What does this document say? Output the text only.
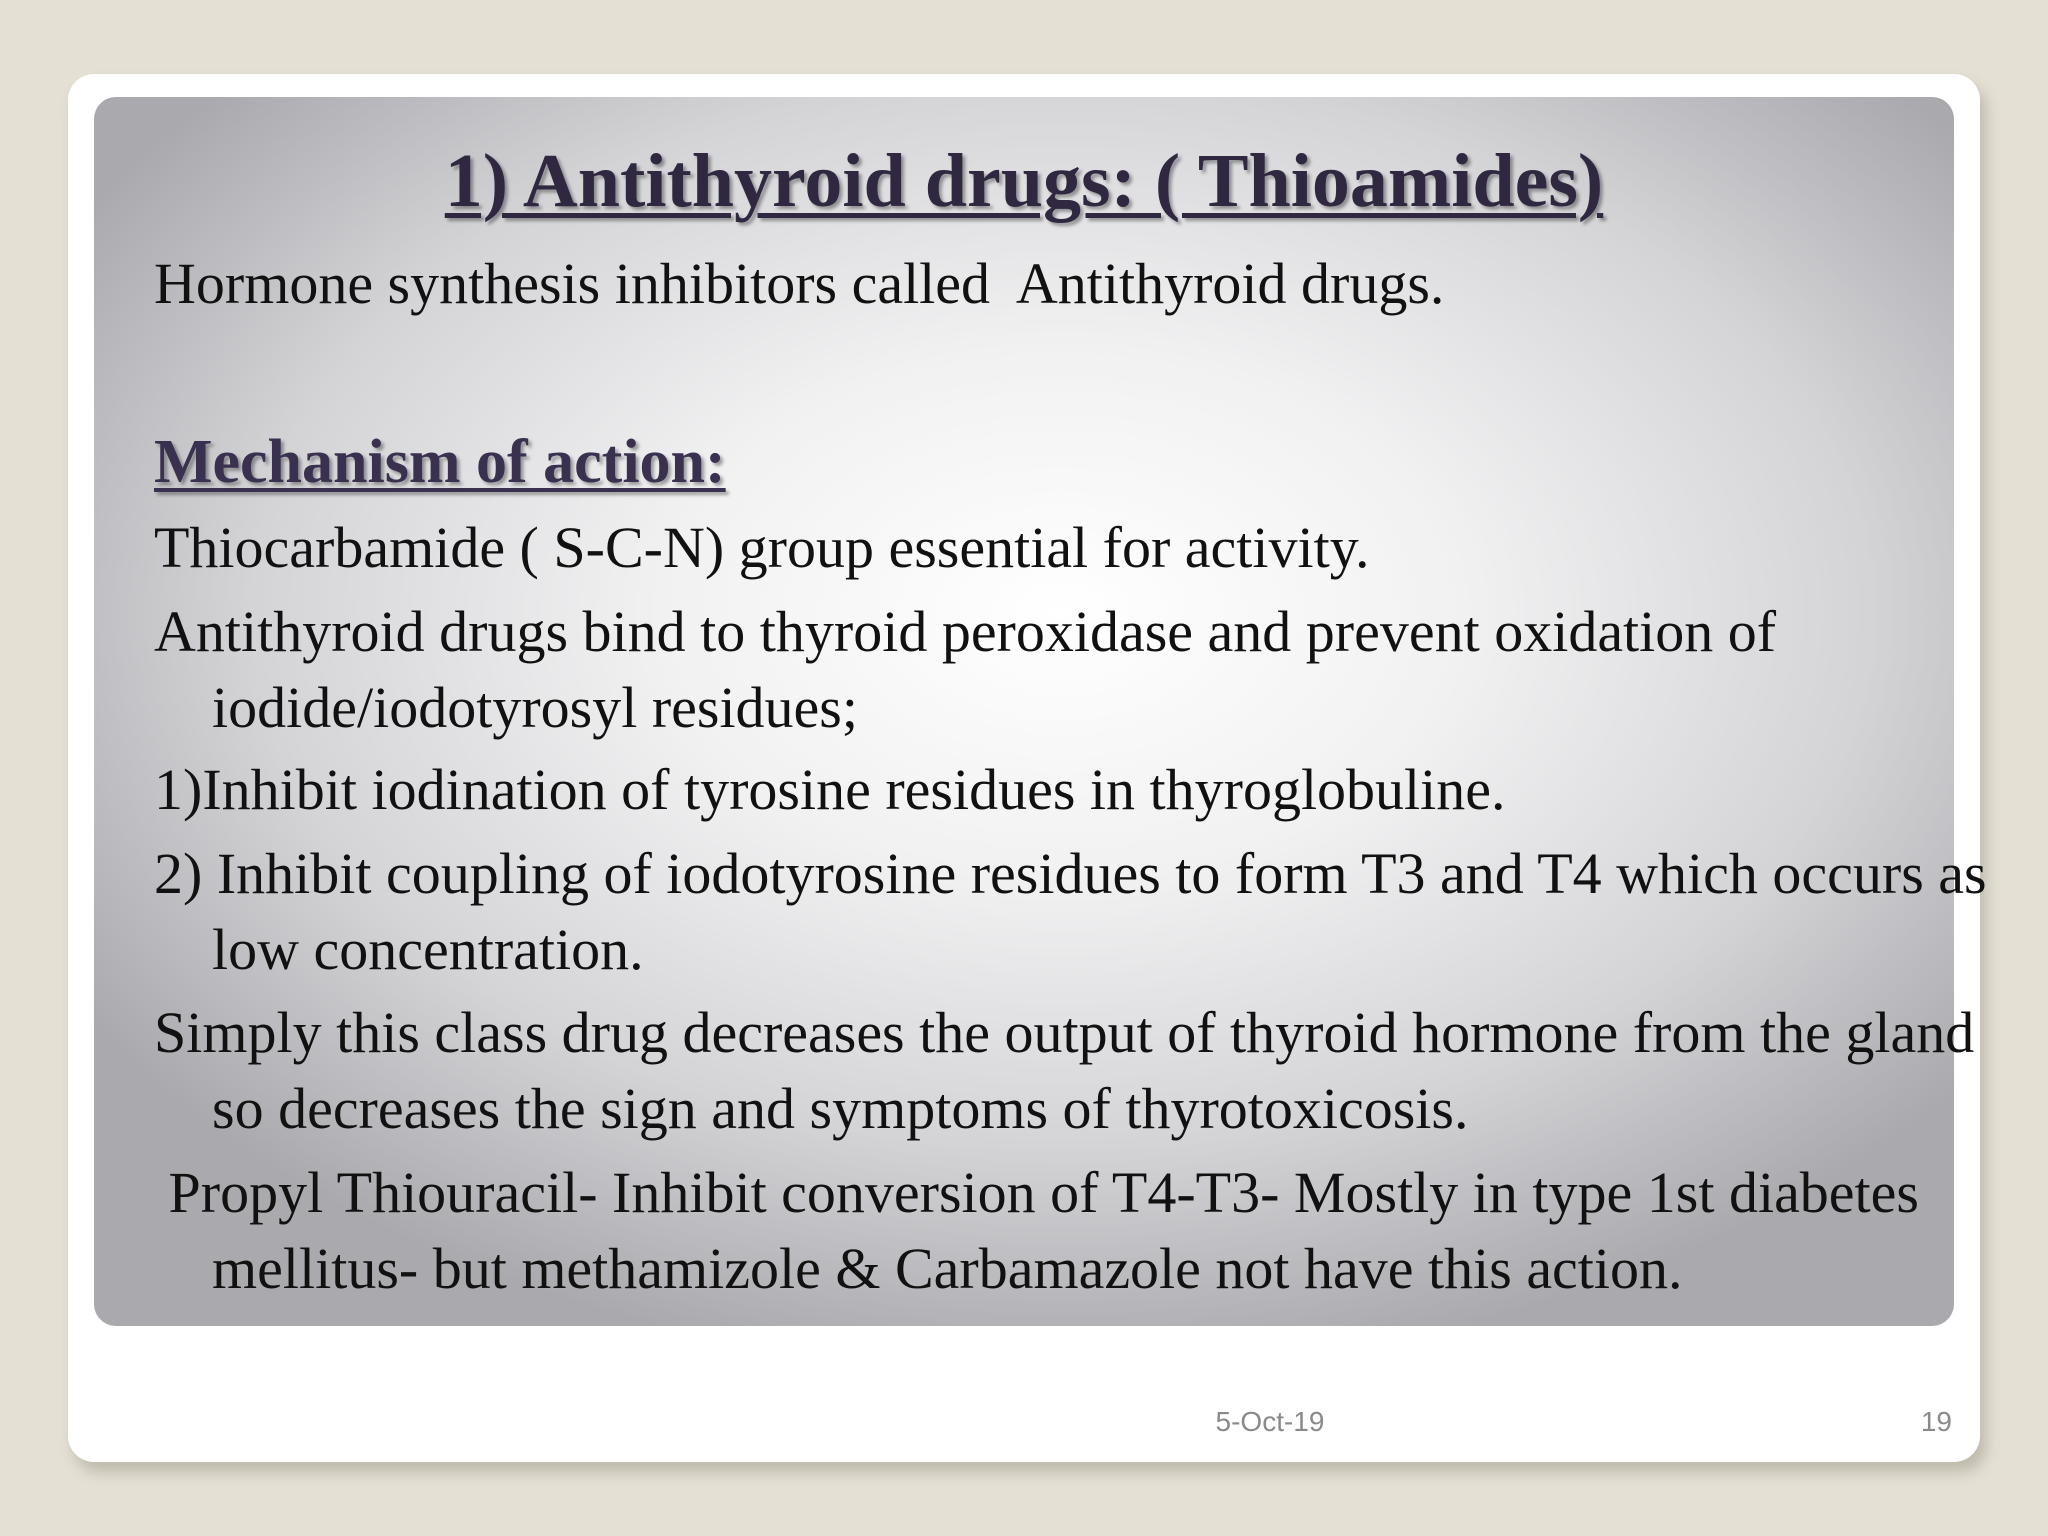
1) Antithyroid drugs: ( Thioamides)

Hormone synthesis inhibitors called  Antithyroid drugs.

Mechanism of action:

Thiocarbamide ( S-C-N) group essential for activity.

Antithyroid drugs bind to thyroid peroxidase and prevent oxidation of iodide/iodotyrosyl residues;

1)Inhibit iodination of tyrosine residues in thyroglobuline.

2) Inhibit coupling of iodotyrosine residues to form T3 and T4 which occurs as low concentration.

Simply this class drug decreases the output of thyroid hormone from the gland so decreases the sign and symptoms of thyrotoxicosis.

Propyl Thiouracil- Inhibit conversion of T4-T3- Mostly in type 1st diabetes mellitus- but methamizole & Carbamazole not have this action.

5-Oct-19	19
